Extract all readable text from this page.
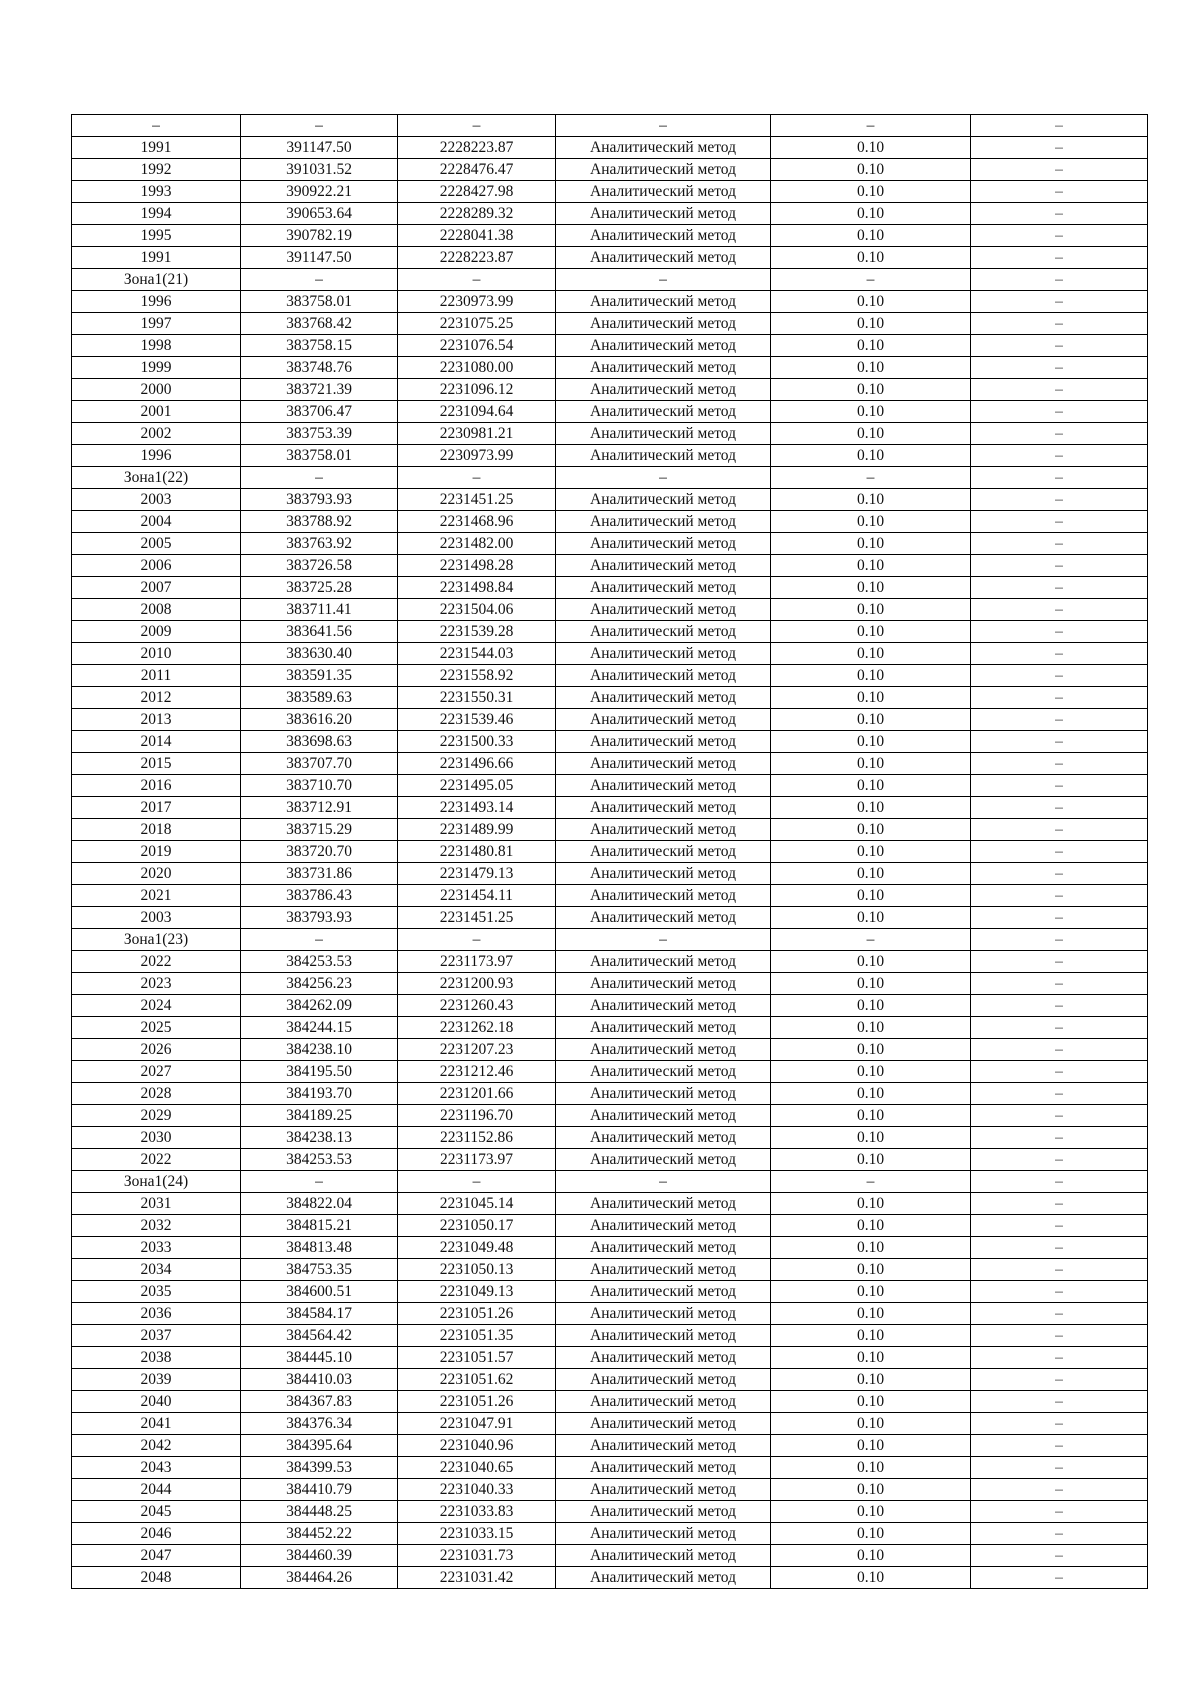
–	–	–	–	–	–
1991	391147.50	2228223.87	Аналитический метод	0.10	–
1992	391031.52	2228476.47	Аналитический метод	0.10	–
1993	390922.21	2228427.98	Аналитический метод	0.10	–
1994	390653.64	2228289.32	Аналитический метод	0.10	–
1995	390782.19	2228041.38	Аналитический метод	0.10	–
1991	391147.50	2228223.87	Аналитический метод	0.10	–
Зона1(21)	–	–	–	–	–
1996	383758.01	2230973.99	Аналитический метод	0.10	–
1997	383768.42	2231075.25	Аналитический метод	0.10	–
1998	383758.15	2231076.54	Аналитический метод	0.10	–
1999	383748.76	2231080.00	Аналитический метод	0.10	–
2000	383721.39	2231096.12	Аналитический метод	0.10	–
2001	383706.47	2231094.64	Аналитический метод	0.10	–
2002	383753.39	2230981.21	Аналитический метод	0.10	–
1996	383758.01	2230973.99	Аналитический метод	0.10	–
Зона1(22)	–	–	–	–	–
2003	383793.93	2231451.25	Аналитический метод	0.10	–
2004	383788.92	2231468.96	Аналитический метод	0.10	–
2005	383763.92	2231482.00	Аналитический метод	0.10	–
2006	383726.58	2231498.28	Аналитический метод	0.10	–
2007	383725.28	2231498.84	Аналитический метод	0.10	–
2008	383711.41	2231504.06	Аналитический метод	0.10	–
2009	383641.56	2231539.28	Аналитический метод	0.10	–
2010	383630.40	2231544.03	Аналитический метод	0.10	–
2011	383591.35	2231558.92	Аналитический метод	0.10	–
2012	383589.63	2231550.31	Аналитический метод	0.10	–
2013	383616.20	2231539.46	Аналитический метод	0.10	–
2014	383698.63	2231500.33	Аналитический метод	0.10	–
2015	383707.70	2231496.66	Аналитический метод	0.10	–
2016	383710.70	2231495.05	Аналитический метод	0.10	–
2017	383712.91	2231493.14	Аналитический метод	0.10	–
2018	383715.29	2231489.99	Аналитический метод	0.10	–
2019	383720.70	2231480.81	Аналитический метод	0.10	–
2020	383731.86	2231479.13	Аналитический метод	0.10	–
2021	383786.43	2231454.11	Аналитический метод	0.10	–
2003	383793.93	2231451.25	Аналитический метод	0.10	–
Зона1(23)	–	–	–	–	–
2022	384253.53	2231173.97	Аналитический метод	0.10	–
2023	384256.23	2231200.93	Аналитический метод	0.10	–
2024	384262.09	2231260.43	Аналитический метод	0.10	–
2025	384244.15	2231262.18	Аналитический метод	0.10	–
2026	384238.10	2231207.23	Аналитический метод	0.10	–
2027	384195.50	2231212.46	Аналитический метод	0.10	–
2028	384193.70	2231201.66	Аналитический метод	0.10	–
2029	384189.25	2231196.70	Аналитический метод	0.10	–
2030	384238.13	2231152.86	Аналитический метод	0.10	–
2022	384253.53	2231173.97	Аналитический метод	0.10	–
Зона1(24)	–	–	–	–	–
2031	384822.04	2231045.14	Аналитический метод	0.10	–
2032	384815.21	2231050.17	Аналитический метод	0.10	–
2033	384813.48	2231049.48	Аналитический метод	0.10	–
2034	384753.35	2231050.13	Аналитический метод	0.10	–
2035	384600.51	2231049.13	Аналитический метод	0.10	–
2036	384584.17	2231051.26	Аналитический метод	0.10	–
2037	384564.42	2231051.35	Аналитический метод	0.10	–
2038	384445.10	2231051.57	Аналитический метод	0.10	–
2039	384410.03	2231051.62	Аналитический метод	0.10	–
2040	384367.83	2231051.26	Аналитический метод	0.10	–
2041	384376.34	2231047.91	Аналитический метод	0.10	–
2042	384395.64	2231040.96	Аналитический метод	0.10	–
2043	384399.53	2231040.65	Аналитический метод	0.10	–
2044	384410.79	2231040.33	Аналитический метод	0.10	–
2045	384448.25	2231033.83	Аналитический метод	0.10	–
2046	384452.22	2231033.15	Аналитический метод	0.10	–
2047	384460.39	2231031.73	Аналитический метод	0.10	–
2048	384464.26	2231031.42	Аналитический метод	0.10	–
